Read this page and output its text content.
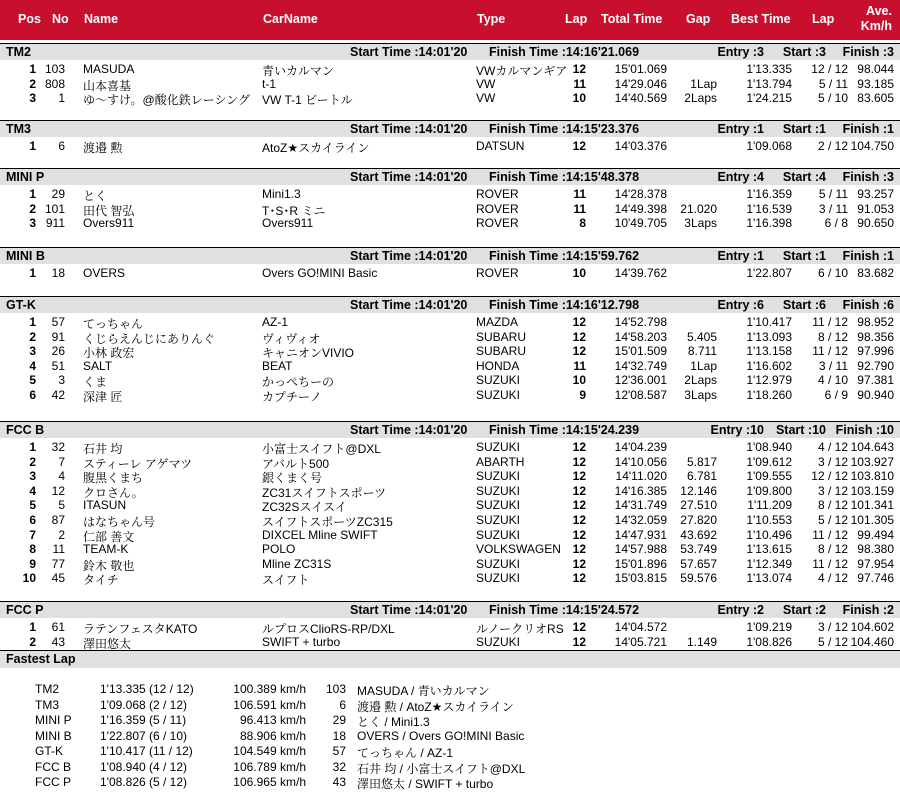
Pos No Name	CarName	Type	Lap Total Time Gap Best Time Lap
Ave.
Km/h
TM2	Start Time :14:01'20 Finish Time :14:16'21.069	Entry :3 Start :3 Finish :3
1 103 MASUDA	青いカルマン	VWカルマンギア 12 15'01.069	1'13.335 12 / 12 98.044
2 808 山本喜基	t-1	VW	11 14'29.046 1Lap 1'13.794 5 / 11 93.185
3 1 ゆ～すけ。@酸化鉄レーシング VW T-1 ビートル	VW	10 14'40.569 2Laps 1'24.215 5 / 10 83.605
TM3	Start Time :14:01'20 Finish Time :14:15'23.376	Entry :1 Start :1 Finish :1
1 6 渡邉 勲	AtoZ★スカイライン	DATSUN	12 14'03.376	1'09.068 2 / 12 104.750
MINI P	Start Time :14:01'20 Finish Time :14:15'48.378	Entry :4 Start :4 Finish :3
1 29 とく	Mini1.3	ROVER	11 14'28.378	1'16.359 5 / 11 93.257
2 101 田代 智弘	T･S･R ミニ	ROVER	11 14'49.398 21.020 1'16.539 3 / 11 91.053
3 911 Overs911	Overs911	ROVER	8 10'49.705 3Laps 1'16.398	6 / 8 90.650
MINI B	Start Time :14:01'20 Finish Time :14:15'59.762	Entry :1 Start :1 Finish :1
1 18 OVERS	Overs GO!MINI Basic	ROVER	10 14'39.762	1'22.807 6 / 10 83.682
GT-K	Start Time :14:01'20 Finish Time :14:16'12.798	Entry :6 Start :6 Finish :6
1 57 てっちゃん	AZ-1	MAZDA	12 14'52.798	1'10.417 11 / 12 98.952
2 91 くじらえんじにありんぐ	ヴィヴィオ	SUBARU	12 14'58.203 5.405 1'13.093 8 / 12 98.356
3 26 小林 政宏	キャニオンVIVIO	SUBARU	12 15'01.509 8.711 1'13.158 11 / 12 97.996
4 51 SALT	BEAT	HONDA	11 14'32.749 1Lap 1'16.602 3 / 11 92.790
5 3 くま	かっぺちーの	SUZUKI	10 12'36.001 2Laps 1'12.979 4 / 10 97.381
6 42 深津 匠	カプチーノ	SUZUKI	9 12'08.587 3Laps 1'18.260	6 / 9 90.940
FCC B	Start Time :14:01'20 Finish Time :14:15'24.239	Entry :10 Start :10 Finish :10
1 32 石井 均	小富士スイフト@DXL	SUZUKI	12 14'04.239	1'08.940 4 / 12 104.643
2 7 スティーレ アゲマツ	アバルト500	ABARTH	12 14'10.056 5.817 1'09.612 3 / 12 103.927
3 4 腹黒くまち	銀くまく号	SUZUKI	12 14'11.020 6.781 1'09.555 12 / 12 103.810
4 12 クロさん。	ZC31スイフトスポーツ	SUZUKI	12 14'16.385 12.146 1'09.800 3 / 12 103.159
5 5 ITASUN	ZC32Sスイスイ	SUZUKI	12 14'31.749 27.510	1'11.209 8 / 12 101.341
6 87 はなちゃん号	スイフトスポーツZC315	SUZUKI	12 14'32.059 27.820 1'10.553 5 / 12 101.305
7 2 仁部 善文	DIXCEL Mline SWIFT	SUZUKI	12 14'47.931 43.692 1'10.496 11 / 12 99.494
8 11 TEAM-K	POLO	VOLKSWAGEN 12 14'57.988 53.749 1'13.615 8 / 12 98.380
9 77 鈴木 敬也	Mline ZC31S	SUZUKI	12 15'01.896 57.657 1'12.349 11 / 12 97.954
10 45 タイチ	スイフト	SUZUKI	12 15'03.815 59.576 1'13.074 4 / 12 97.746
FCC P	Start Time :14:01'20 Finish Time :14:15'24.572	Entry :2 Start :2 Finish :2
1 61 ラテンフェスタKATO	ルプロスClioRS-RP/DXL	ルノークリオRS 12 14'04.572	1'09.219 3 / 12 104.602
2 43 澤田悠太	SWIFT + turbo	SUZUKI	12 14'05.721 1.149 1'08.826 5 / 12 104.460
Fastest Lap
TM2	1'13.335 (12 / 12)	100.389 km/h 103 MASUDA / 青いカルマン
TM3	1'09.068 (2 / 12)	106.591 km/h	6 渡邉 勲 / AtoZ★スカイライン
MINI P 1'16.359 (5 / 11)	96.413 km/h 29 とく / Mini1.3
MINI B 1'22.807 (6 / 10)	88.906 km/h 18 OVERS / Overs GO!MINI Basic
GT-K	1'10.417 (11 / 12)	104.549 km/h 57 てっちゃん / AZ-1
FCC B 1'08.940 (4 / 12)	106.789 km/h 32 石井 均 / 小富士スイフト@DXL
FCC P 1'08.826 (5 / 12)	106.965 km/h 43 澤田悠太 / SWIFT + turbo
